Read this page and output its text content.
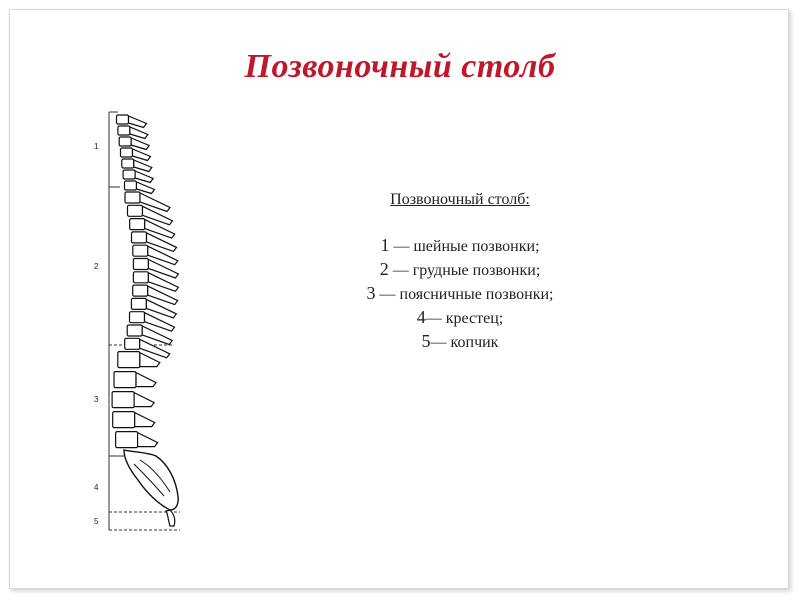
Позвоночный столб
1
2
3
4
5
Позвоночный столб:
1 — шейные позвонки;
2 — грудные позвонки;
3 — поясничные позвонки;
4— крестец;
5— копчик
